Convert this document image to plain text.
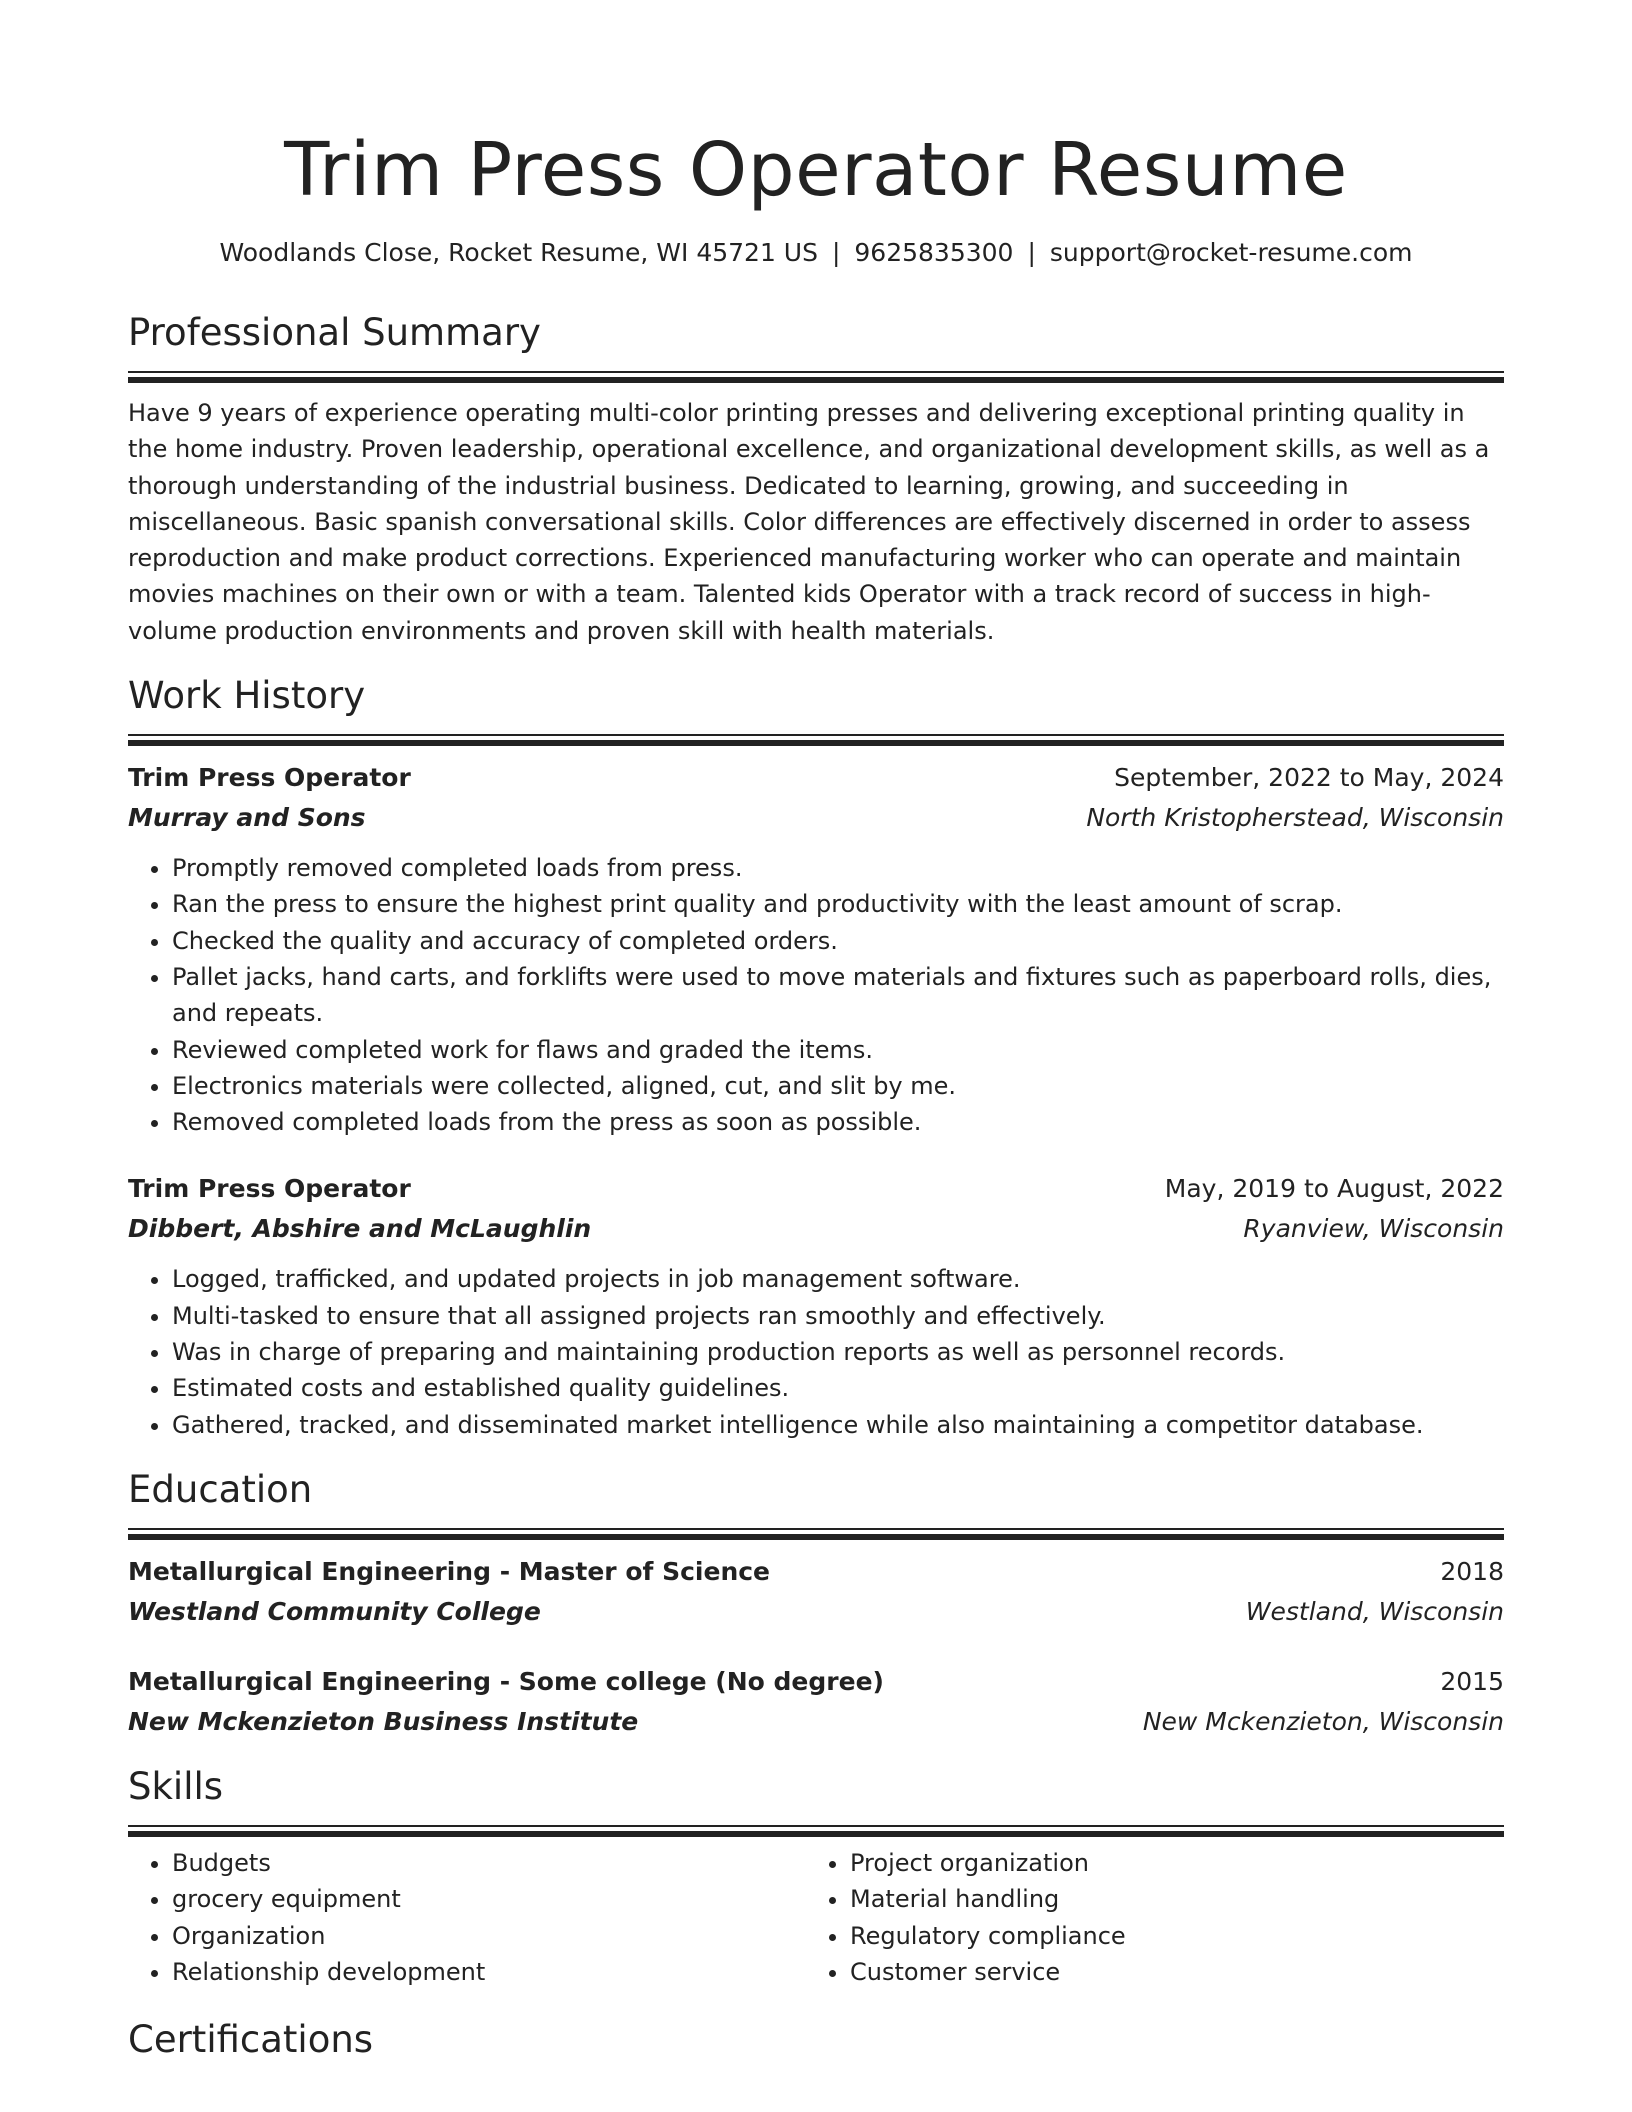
Trim Press Operator Resume
Woodlands Close, Rocket Resume, WI 45721 US | 9625835300 | support@rocket-resume.com
Professional Summary
Have 9 years of experience operating multi-color printing presses and delivering exceptional printing quality in the home industry. Proven leadership, operational excellence, and organizational development skills, as well as a thorough understanding of the industrial business. Dedicated to learning, growing, and succeeding in miscellaneous. Basic spanish conversational skills. Color differences are effectively discerned in order to assess reproduction and make product corrections. Experienced manufacturing worker who can operate and maintain movies machines on their own or with a team. Talented kids Operator with a track record of success in high-volume production environments and proven skill with health materials.
Work History
Trim Press Operator	September, 2022 to May, 2024
Murray and Sons	North Kristopherstead, Wisconsin
• Promptly removed completed loads from press.
• Ran the press to ensure the highest print quality and productivity with the least amount of scrap.
• Checked the quality and accuracy of completed orders.
• Pallet jacks, hand carts, and forklifts were used to move materials and fixtures such as paperboard rolls, dies, and repeats.
• Reviewed completed work for flaws and graded the items.
• Electronics materials were collected, aligned, cut, and slit by me.
• Removed completed loads from the press as soon as possible.
Trim Press Operator	May, 2019 to August, 2022
Dibbert, Abshire and McLaughlin	Ryanview, Wisconsin
• Logged, trafficked, and updated projects in job management software.
• Multi-tasked to ensure that all assigned projects ran smoothly and effectively.
• Was in charge of preparing and maintaining production reports as well as personnel records.
• Estimated costs and established quality guidelines.
• Gathered, tracked, and disseminated market intelligence while also maintaining a competitor database.
Education
Metallurgical Engineering - Master of Science	2018
Westland Community College	Westland, Wisconsin
Metallurgical Engineering - Some college (No degree)	2015
New Mckenzieton Business Institute	New Mckenzieton, Wisconsin
Skills
• Budgets
• grocery equipment
• Organization
• Relationship development
• Project organization
• Material handling
• Regulatory compliance
• Customer service
Certifications
